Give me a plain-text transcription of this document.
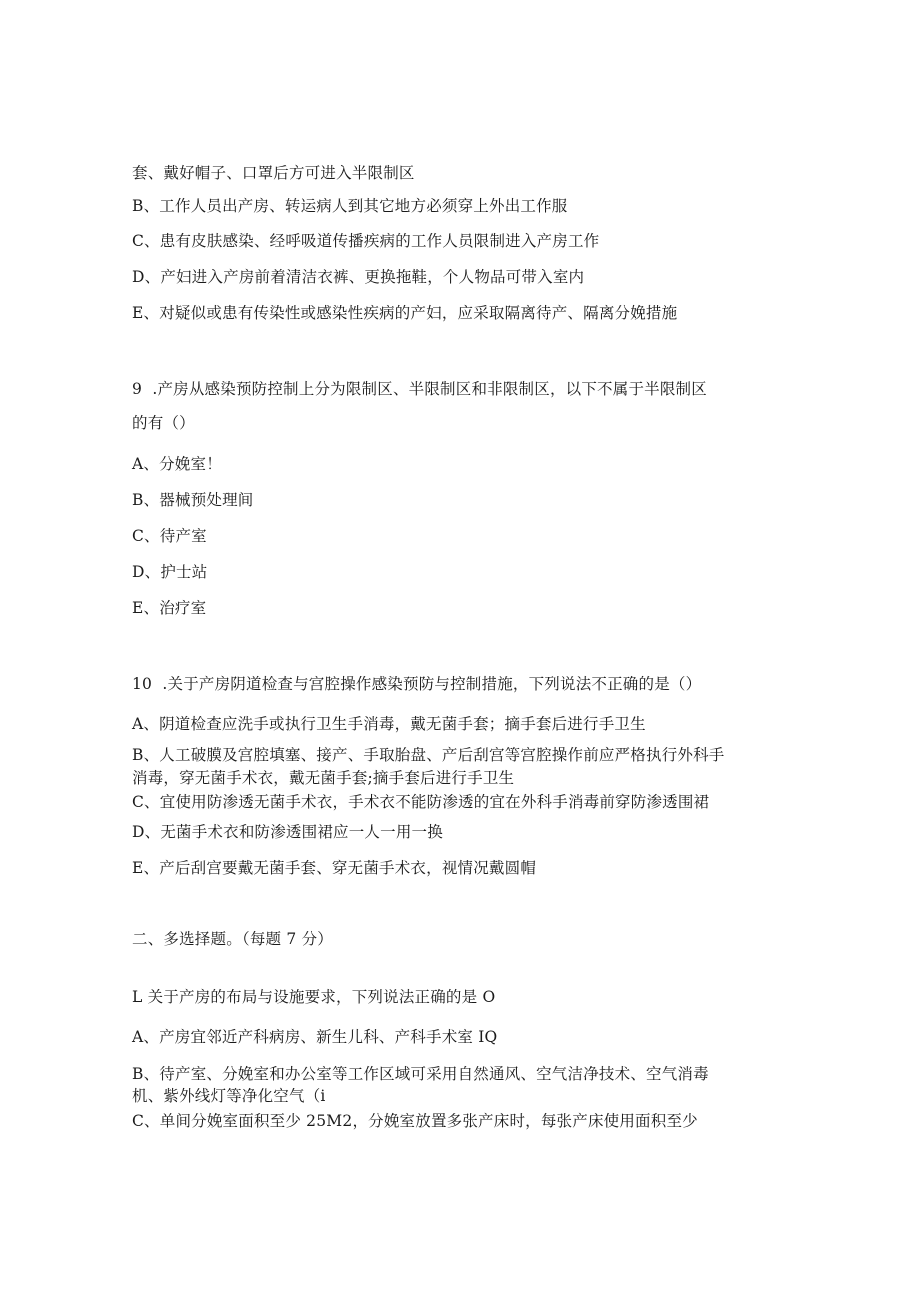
套、戴好帽子、口罩后方可进入半限制区
B、工作人员出产房、转运病人到其它地方必须穿上外出工作服
C、患有皮肤感染、经呼吸道传播疾病的工作人员限制进入产房工作
D、产妇进入产房前着清洁衣裤、更换拖鞋，个人物品可带入室内
E、对疑似或患有传染性或感染性疾病的产妇，应采取隔离待产、隔离分娩措施
9  .产房从感染预防控制上分为限制区、半限制区和非限制区，以下不属于半限制区
的有（）
A、分娩室！
B、器械预处理间
C、待产室
D、护士站
E、治疗室
10  .关于产房阴道检查与宫腔操作感染预防与控制措施，下列说法不正确的是（）
A、阴道检查应洗手或执行卫生手消毒，戴无菌手套；摘手套后进行手卫生
B、人工破膜及宫腔填塞、接产、手取胎盘、产后刮宫等宫腔操作前应严格执行外科手
消毒，穿无菌手术衣，戴无菌手套;摘手套后进行手卫生
C、宜使用防渗透无菌手术衣，手术衣不能防渗透的宜在外科手消毒前穿防渗透围裙
D、无菌手术衣和防渗透围裙应一人一用一换
E、产后刮宫要戴无菌手套、穿无菌手术衣，视情况戴圆帽
二、多选择题。（每题 7 分）
L 关于产房的布局与设施要求，下列说法正确的是 O
A、产房宜邻近产科病房、新生儿科、产科手术室 IQ
B、待产室、分娩室和办公室等工作区域可采用自然通风、空气洁净技术、空气消毒
机、紫外线灯等净化空气（i
C、单间分娩室面积至少 25M2，分娩室放置多张产床时，每张产床使用面积至少
